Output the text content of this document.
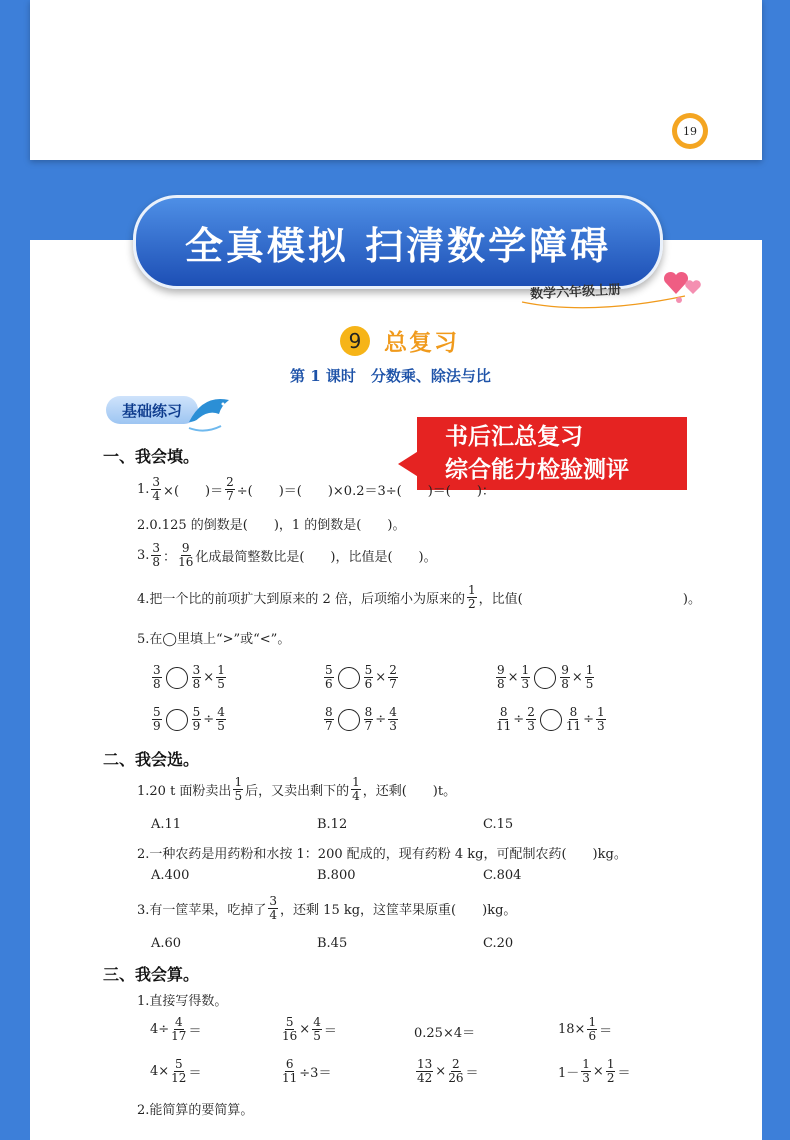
19
全真模拟 扫清数学障碍
数学六年级上册
9 总复习
第 1 课时　分数乘、除法与比
基础练习
书后汇总复习
综合能力检验测评
一、我会填。
1. $\frac{3}{4}$ ×(　　)＝ $\frac{2}{7}$ ÷(　　)＝(　　)×0.2＝3÷(　　)＝(　　)：
2.0.125 的倒数是(　　)，1 的倒数是(　　)。
3. $\frac{3}{8}$ ： $\frac{9}{16}$ 化成最简整数比是(　　)，比值是(　　)。
4.把一个比的前项扩大到原来的 2 倍，后项缩小为原来的 $\frac{1}{2}$ ，比值(	)。
5.在◯里填上“>”或“<”。
$\frac{3}{8}$	$\frac{3}{8} \times \frac{1}{5}$	$\frac{5}{6}$	$\frac{5}{6} \times \frac{2}{7}$	$\frac{9}{8} \times \frac{1}{3}$	$\frac{9}{8} \times \frac{1}{5}$
$\frac{5}{9}$	$\frac{5}{9} \div \frac{4}{5}$	$\frac{8}{7}$	$\frac{8}{7} \div \frac{4}{3}$	$\frac{8}{11} \div \frac{2}{3}$	$\frac{8}{11} \div \frac{1}{3}$
二、我会选。
1.20 t 面粉卖出 $\frac{1}{5}$ 后，又卖出剩下的 $\frac{1}{4}$ ，还剩(　　)t。
A.11	B.12	C.15
2.一种农药是用药粉和水按 1：200 配成的，现有药粉 4 kg，可配制农药(　　)kg。
A.400	B.800	C.804
3.有一筐苹果，吃掉了 $\frac{3}{4}$ ，还剩 15 kg，这筐苹果原重(　　)kg。
A.60	B.45	C.20
三、我会算。
1.直接写得数。
$4\div \frac{4}{17}$ ＝	$\frac{5}{16} \times \frac{4}{5}$ ＝	0.25×4＝	$18\times \frac{1}{6}$ ＝
$4\times \frac{5}{12}$ ＝	$\frac{6}{11} \div 3=$	$\frac{13}{42} \times \frac{2}{26}$ ＝	$1- \frac{1}{3} \times \frac{1}{2}$ ＝
2.能简算的要简算。
